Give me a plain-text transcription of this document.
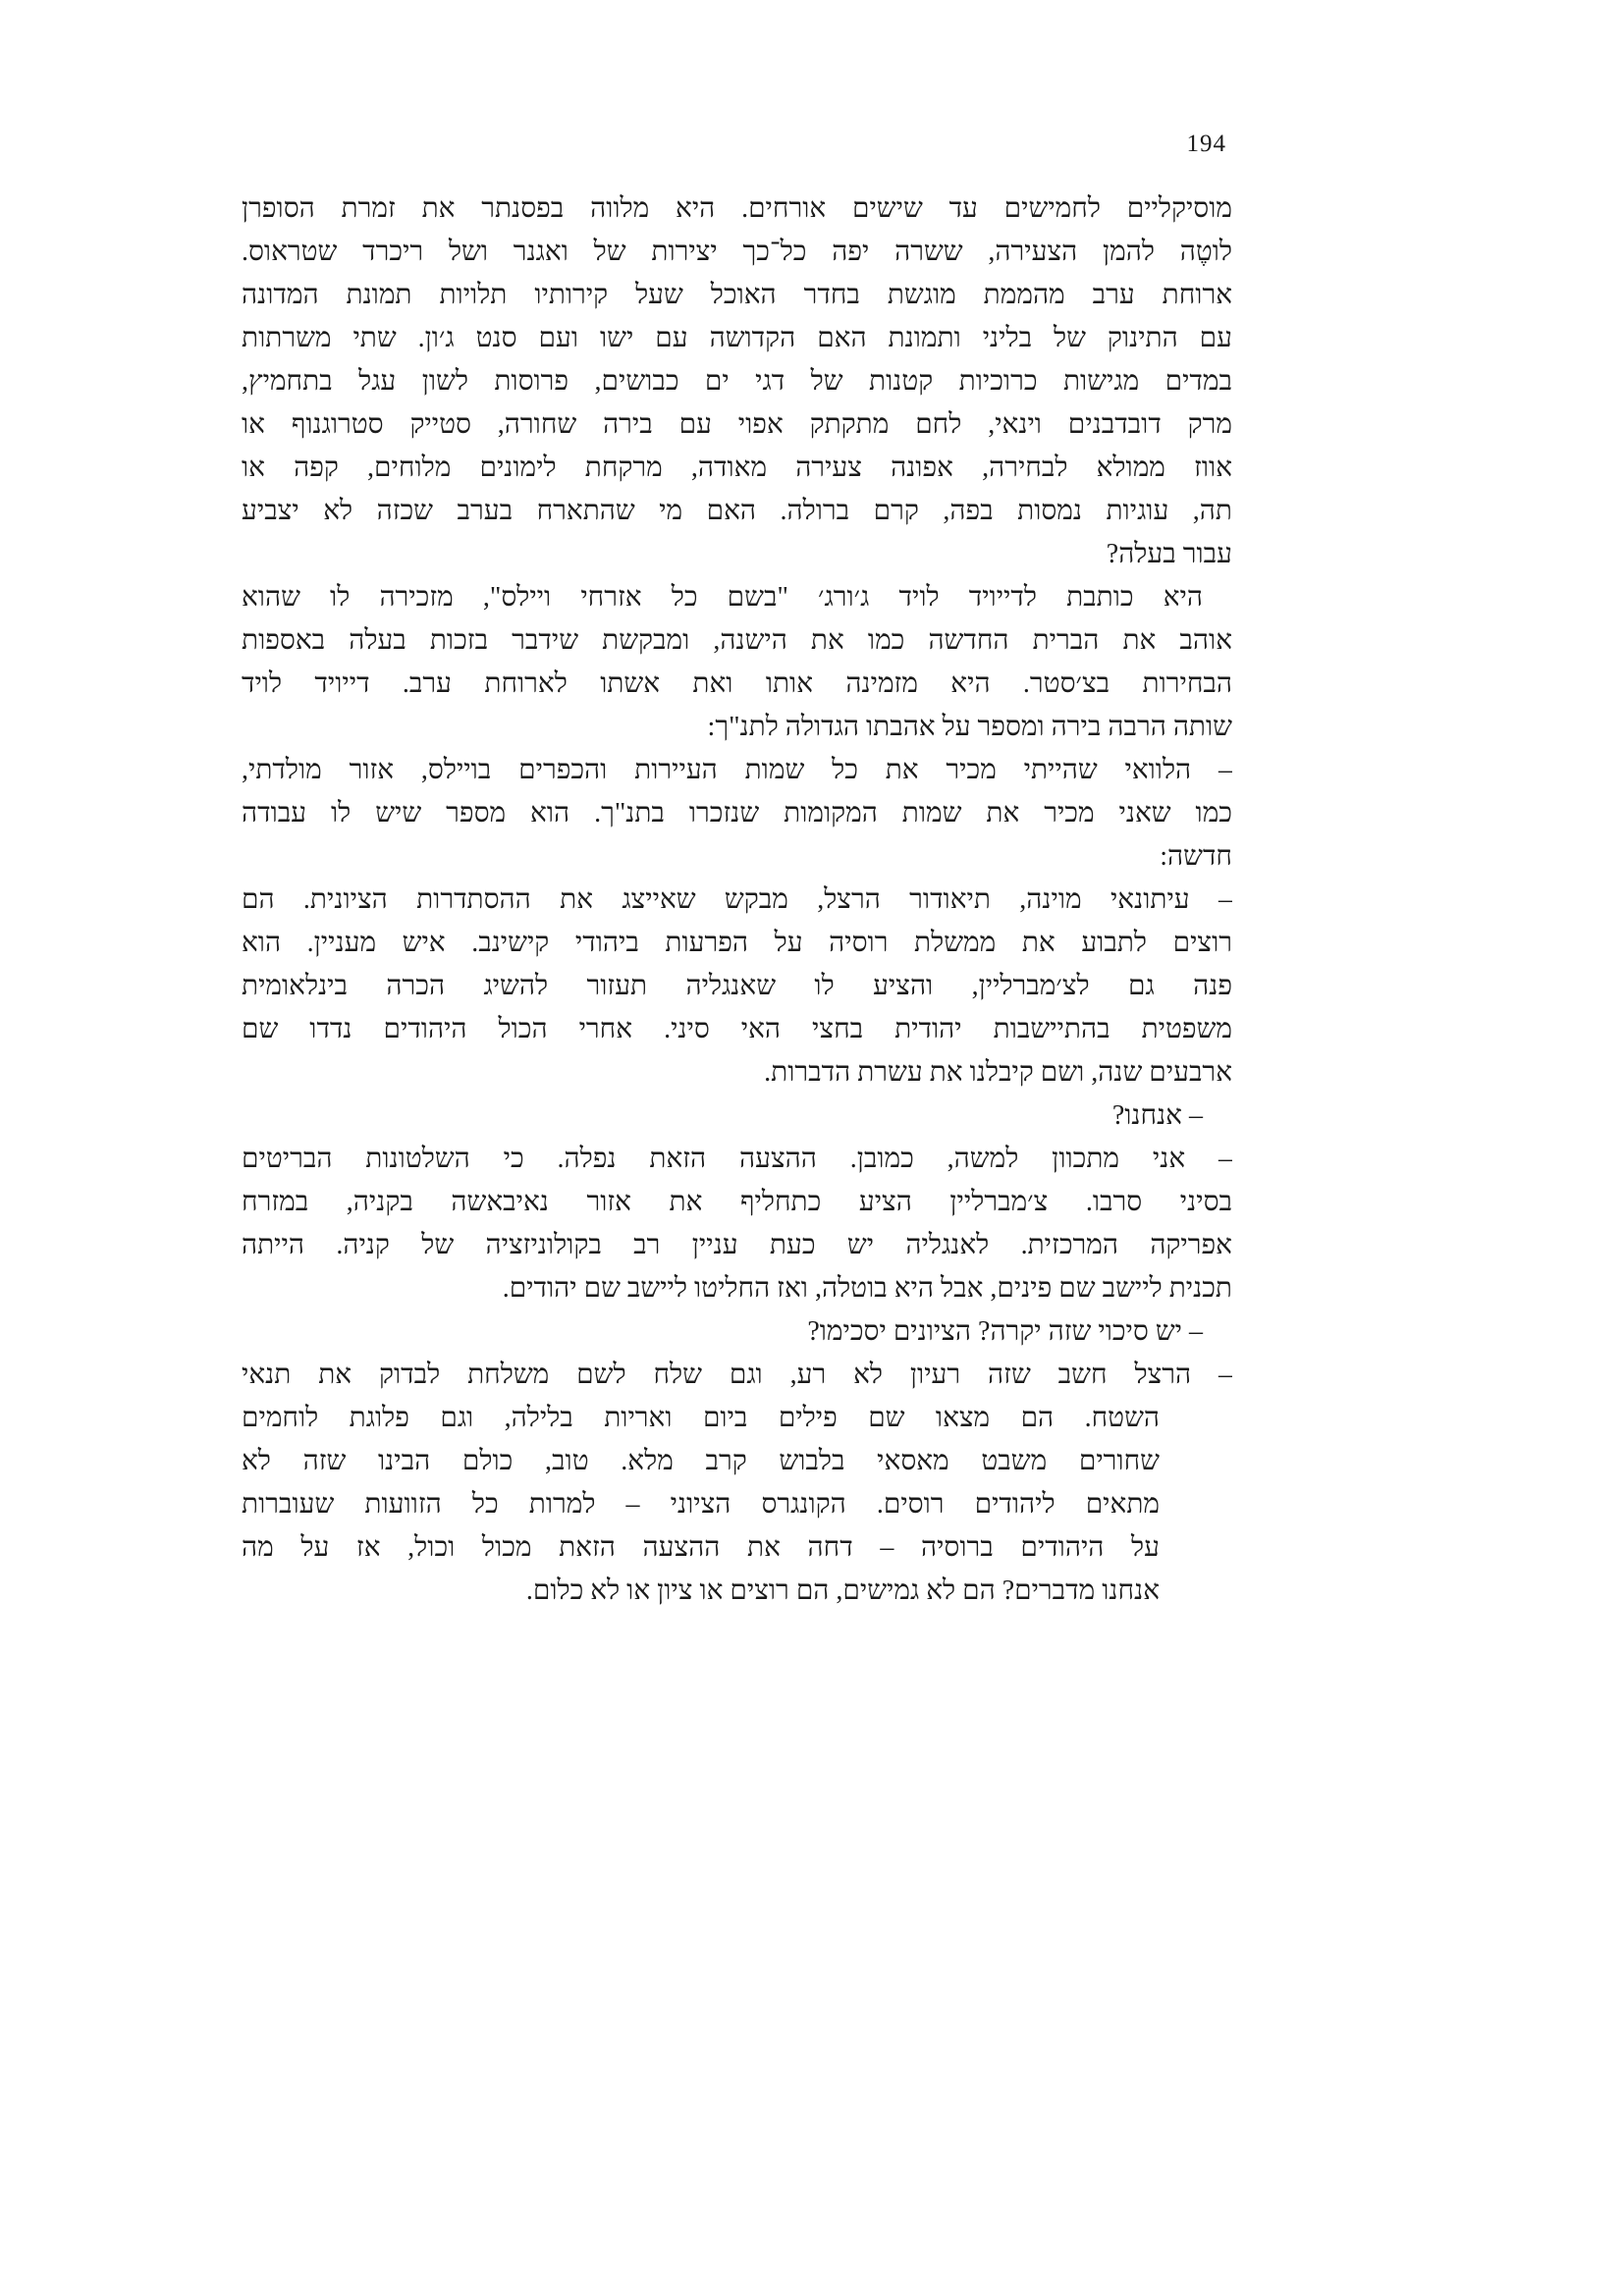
194
מוסיקליים לחמישים עד שישים אורחים. היא מלווה בפסנתר את זמרת הסופרן
לוטֶה להמן הצעירה, ששרה יפה כל־כך יצירות של ואגנר ושל ריכרד שטראוס.
ארוחת ערב מהממת מוגשת בחדר האוכל שעל קירותיו תלויות תמונת המדונה
עם התינוק של בליני ותמונת האם הקדושה עם ישו ועם סנט ג׳ון. שתי משרתות
במדים מגישות כרוכיות קטנות של דגי ים כבושים, פרוסות לשון עגל בתחמיץ,
מרק דובדבנים וינאי, לחם מתקתק אפוי עם בירה שחורה, סטייק סטרוגנוף או
אווז ממולא לבחירה, אפונה צעירה מאודה, מרקחת לימונים מלוחים, קפה או
תה, עוגיות נמסות בפה, קרם ברולה. האם מי שהתארח בערב שכזה לא יצביע
עבור בעלה?
היא כותבת לדייויד לויד ג׳ורג׳ "בשם כל אזרחי ויילס", מזכירה לו שהוא
אוהב את הברית החדשה כמו את הישנה, ומבקשת שידבר בזכות בעלה באספות
הבחירות בצ׳סטר. היא מזמינה אותו ואת אשתו לארוחת ערב. דייויד לויד
שותה הרבה בירה ומספר על אהבתו הגדולה לתנ"ך:
– הלוואי שהייתי מכיר את כל שמות העיירות והכפרים בויילס, אזור מולדתי,
כמו שאני מכיר את שמות המקומות שנזכרו בתנ"ך. הוא מספר שיש לו עבודה
חדשה:
– עיתונאי מוינה, תיאודור הרצל, מבקש שאייצג את ההסתדרות הציונית. הם
רוצים לתבוע את ממשלת רוסיה על הפרעות ביהודי קישינב. איש מעניין. הוא
פנה גם לצ׳מברליין, והציע לו שאנגליה תעזור להשיג הכרה בינלאומית
משפטית בהתיישבות יהודית בחצי האי סיני. אחרי הכול היהודים נדדו שם
ארבעים שנה, ושם קיבלנו את עשרת הדברות.
– אנחנו?
– אני מתכוון למשה, כמובן. ההצעה הזאת נפלה. כי השלטונות הבריטים
בסיני סרבו. צ׳מברליין הציע כתחליף את אזור נאיבאשה בקניה, במזרח
אפריקה המרכזית. לאנגליה יש כעת עניין רב בקולוניזציה של קניה. הייתה
תכנית ליישב שם פינים, אבל היא בוטלה, ואז החליטו ליישב שם יהודים.
– יש סיכוי שזה יקרה? הציונים יסכימו?
– הרצל חשב שזה רעיון לא רע, וגם שלח לשם משלחת לבדוק את תנאי
השטח. הם מצאו שם פילים ביום ואריות בלילה, וגם פלוגת לוחמים
שחורים משבט מאסאי בלבוש קרב מלא. טוב, כולם הבינו שזה לא
מתאים ליהודים רוסים. הקונגרס הציוני – למרות כל הזוועות שעוברות
על היהודים ברוסיה – דחה את ההצעה הזאת מכול וכול, אז על מה
אנחנו מדברים? הם לא גמישים, הם רוצים או ציון או לא כלום.
